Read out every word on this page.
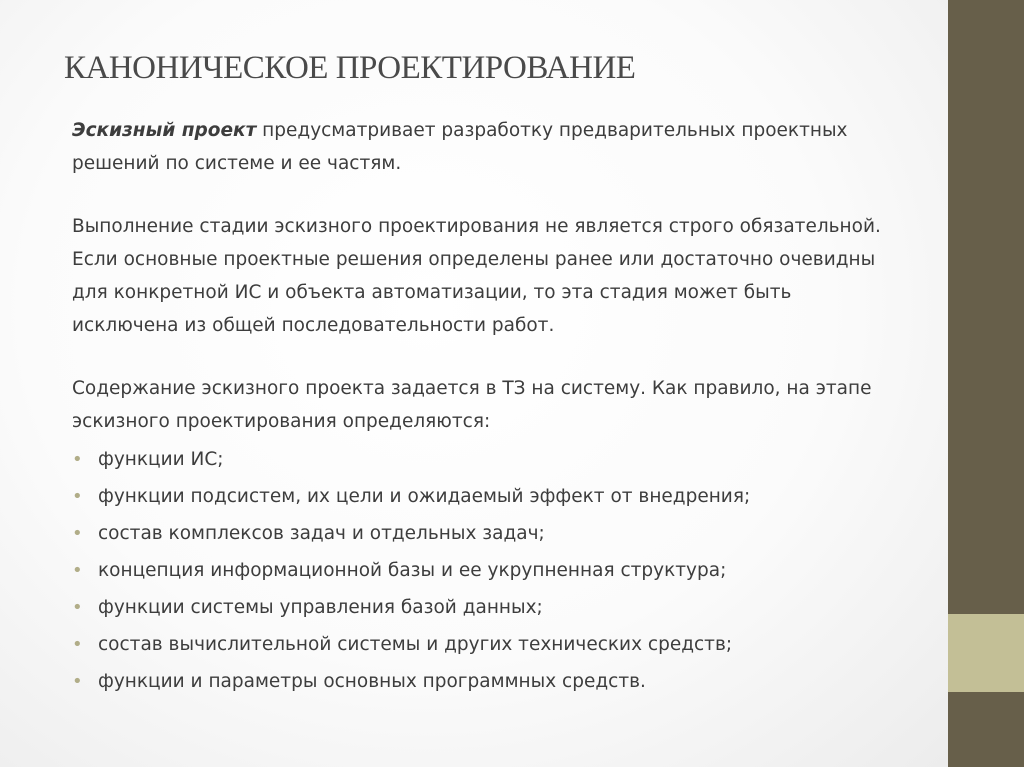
КАНОНИЧЕСКОЕ ПРОЕКТИРОВАНИЕ

Эскизный проект предусматривает разработку предварительных проектных решений по системе и ее частям.

Выполнение стадии эскизного проектирования не является строго обязательной. Если основные проектные решения определены ранее или достаточно очевидны для конкретной ИС и объекта автоматизации, то эта стадия может быть исключена из общей последовательности работ.

Содержание эскизного проекта задается в ТЗ на систему. Как правило, на этапе эскизного проектирования определяются:

• функции ИС;
• функции подсистем, их цели и ожидаемый эффект от внедрения;
• состав комплексов задач и отдельных задач;
• концепция информационной базы и ее укрупненная структура;
• функции системы управления базой данных;
• состав вычислительной системы и других технических средств;
• функции и параметры основных программных средств.
